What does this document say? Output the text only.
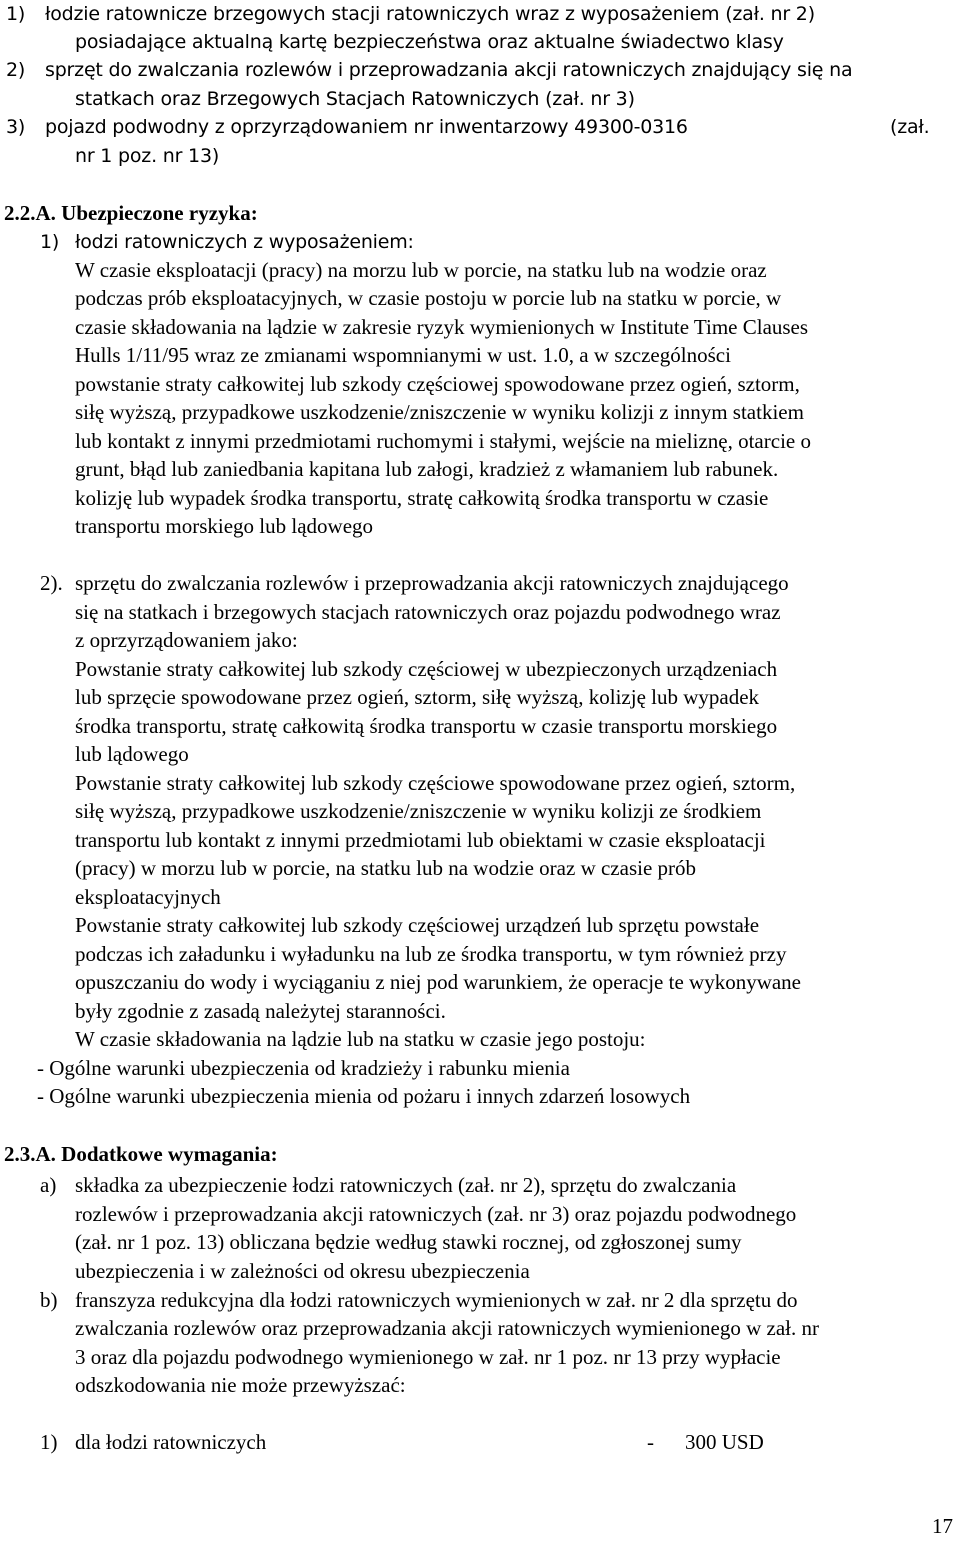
1) łodzie ratownicze brzegowych stacji ratowniczych wraz z wyposażeniem (zał. nr 2)
posiadające aktualną kartę bezpieczeństwa oraz aktualne świadectwo klasy
2) sprzęt do zwalczania rozlewów i przeprowadzania akcji ratowniczych znajdujący się na
statkach oraz Brzegowych Stacjach Ratowniczych (zał. nr 3)
3) pojazd podwodny z oprzyrządowaniem nr inwentarzowy 49300-0316	(zał.
nr 1 poz. nr 13)
2.2.A. Ubezpieczone ryzyka:
1) łodzi ratowniczych z wyposażeniem:
W czasie eksploatacji (pracy) na morzu lub w porcie, na statku lub na wodzie oraz
podczas prób eksploatacyjnych, w czasie postoju w porcie lub na statku w porcie, w
czasie składowania na lądzie w zakresie ryzyk wymienionych w Institute Time Clauses
Hulls 1/11/95 wraz ze zmianami wspomnianymi w ust. 1.0, a w szczególności
powstanie straty całkowitej lub szkody częściowej spowodowane przez ogień, sztorm,
siłę wyższą, przypadkowe uszkodzenie/zniszczenie w wyniku kolizji z innym statkiem
lub kontakt z innymi przedmiotami ruchomymi i stałymi, wejście na mieliznę, otarcie o
grunt, błąd lub zaniedbania kapitana lub załogi, kradzież z włamaniem lub rabunek.
kolizję lub wypadek środka transportu, stratę całkowitą środka transportu w czasie
transportu morskiego lub lądowego
2). sprzętu do zwalczania rozlewów i przeprowadzania akcji ratowniczych znajdującego
się na statkach i brzegowych stacjach ratowniczych oraz pojazdu podwodnego wraz
z oprzyrządowaniem jako:
Powstanie straty całkowitej lub szkody częściowej w ubezpieczonych urządzeniach
lub sprzęcie spowodowane przez ogień, sztorm, siłę wyższą, kolizję lub wypadek
środka transportu, stratę całkowitą środka transportu w czasie transportu morskiego
lub lądowego
Powstanie straty całkowitej lub szkody częściowe spowodowane przez ogień, sztorm,
siłę wyższą, przypadkowe uszkodzenie/zniszczenie w wyniku kolizji ze środkiem
transportu lub kontakt z innymi przedmiotami lub obiektami w czasie eksploatacji
(pracy) w morzu lub w porcie, na statku lub na wodzie oraz w czasie prób
eksploatacyjnych
Powstanie straty całkowitej lub szkody częściowej urządzeń lub sprzętu powstałe
podczas ich załadunku i wyładunku na lub ze środka transportu, w tym również przy
opuszczaniu do wody i wyciąganiu z niej pod warunkiem, że operacje te wykonywane
były zgodnie z zasadą należytej staranności.
W czasie składowania na lądzie lub na statku w czasie jego postoju:
- Ogólne warunki ubezpieczenia od kradzieży i rabunku mienia
- Ogólne warunki ubezpieczenia mienia od pożaru i innych zdarzeń losowych
2.3.A. Dodatkowe wymagania:
a) składka za ubezpieczenie łodzi ratowniczych (zał. nr 2), sprzętu do zwalczania
rozlewów i przeprowadzania akcji ratowniczych (zał. nr 3) oraz pojazdu podwodnego
(zał. nr 1 poz. 13) obliczana będzie według stawki rocznej, od zgłoszonej sumy
ubezpieczenia i w zależności od okresu ubezpieczenia
b) franszyza redukcyjna dla łodzi ratowniczych wymienionych w zał. nr 2 dla sprzętu do
zwalczania rozlewów oraz przeprowadzania akcji ratowniczych wymienionego w zał. nr
3 oraz dla pojazdu podwodnego wymienionego w zał. nr 1 poz. nr 13 przy wypłacie
odszkodowania nie może przewyższać:
1) dla łodzi ratowniczych	- 300 USD
17
